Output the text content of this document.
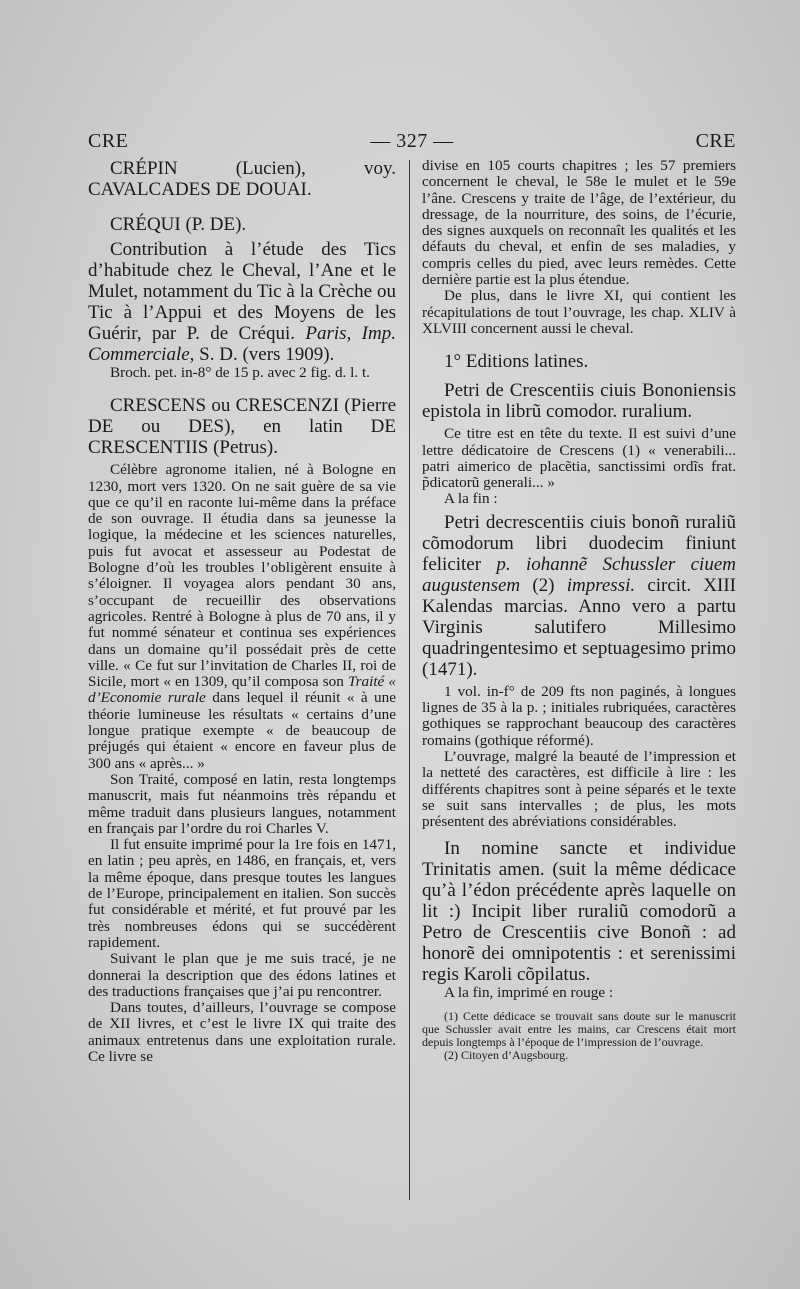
CRE	— 327 —	CRE

CRÉPIN (Lucien), voy. CAVALCADES DE DOUAI.

CRÉQUI (P. DE).

Contribution à l’étude des Tics d’habitude chez le Cheval, l’Ane et le Mulet, notamment du Tic à la Crèche ou Tic à l’Appui et des Moyens de les Guérir, par P. de Créqui. Paris, Imp. Commerciale, S. D. (vers 1909).

Broch. pet. in-8° de 15 p. avec 2 fig. d. l. t.

CRESCENS ou CRESCENZI (Pierre DE ou DES), en latin DE CRESCENTIIS (Petrus).

Célèbre agronome italien, né à Bologne en 1230, mort vers 1320. On ne sait guère de sa vie que ce qu’il en raconte lui-même dans la préface de son ouvrage. Il étudia dans sa jeunesse la logique, la médecine et les sciences naturelles, puis fut avocat et assesseur au Podestat de Bologne d’où les troubles l’obligèrent ensuite à s’éloigner. Il voyagea alors pendant 30 ans, s’occupant de recueillir des observations agricoles. Rentré à Bologne à plus de 70 ans, il y fut nommé sénateur et continua ses expériences dans un domaine qu’il possédait près de cette ville. « Ce fut sur l’invitation de Charles II, roi de Sicile, mort « en 1309, qu’il composa son Traité « d’Economie rurale dans lequel il réunit « à une théorie lumineuse les résultats « certains d’une longue pratique exempte « de beaucoup de préjugés qui étaient « encore en faveur plus de 300 ans « après... »

Son Traité, composé en latin, resta longtemps manuscrit, mais fut néanmoins très répandu et même traduit dans plusieurs langues, notamment en français par l’ordre du roi Charles V.

Il fut ensuite imprimé pour la 1re fois en 1471, en latin ; peu après, en 1486, en français, et, vers la même époque, dans presque toutes les langues de l’Europe, principalement en italien. Son succès fut considérable et mérité, et fut prouvé par les très nombreuses édons qui se succédèrent rapidement.

Suivant le plan que je me suis tracé, je ne donnerai la description que des édons latines et des traductions françaises que j’ai pu rencontrer.

Dans toutes, d’ailleurs, l’ouvrage se compose de XII livres, et c’est le livre IX qui traite des animaux entretenus dans une exploitation rurale. Ce livre se

divise en 105 courts chapitres ; les 57 premiers concernent le cheval, le 58e le mulet et le 59e l’âne. Crescens y traite de l’âge, de l’extérieur, du dressage, de la nourriture, des soins, de l’écurie, des signes auxquels on reconnaît les qualités et les défauts du cheval, et enfin de ses maladies, y compris celles du pied, avec leurs remèdes. Cette dernière partie est la plus étendue.

De plus, dans le livre XI, qui contient les récapitulations de tout l’ouvrage, les chap. XLIV à XLVIII concernent aussi le cheval.

1° Editions latines.

Petri de Crescentiis ciuis Bononiensis epistola in librũ comodor. ruralium.

Ce titre est en tête du texte. Il est suivi d’une lettre dédicatoire de Crescens (1) « venerabili... patri aimerico de placẽtia, sanctissimi ordĩs frat. p̃dicatorũ generali... »

A la fin :

Petri decrescentiis ciuis bonoñ ruraliũ cõmodorum libri duodecim finiunt feliciter p. iohannẽ Schussler ciuem augustensem (2) impressi. circit. XIII Kalendas marcias. Anno vero a partu Virginis salutifero Millesimo quadringentesimo et septuagesimo primo (1471).

1 vol. in-f° de 209 fts non paginés, à longues lignes de 35 à la p. ; initiales rubriquées, caractères gothiques se rapprochant beaucoup des caractères romains (gothique réformé).

L’ouvrage, malgré la beauté de l’impression et la netteté des caractères, est difficile à lire : les différents chapitres sont à peine séparés et le texte se suit sans intervalles ; de plus, les mots présentent des abréviations considérables.

In nomine sancte et individue Trinitatis amen. (suit la même dédicace qu’à l’édon précédente après laquelle on lit :) Incipit liber ruraliũ comodorũ a Petro de Crescentiis cive Bonoñ : ad honorẽ dei omnipotentis : et serenissimi regis Karoli cõpilatus.

A la fin, imprimé en rouge :

(1) Cette dédicace se trouvait sans doute sur le manuscrit que Schussler avait entre les mains, car Crescens était mort depuis longtemps à l’époque de l’impression de l’ouvrage.

(2) Citoyen d’Augsbourg.
